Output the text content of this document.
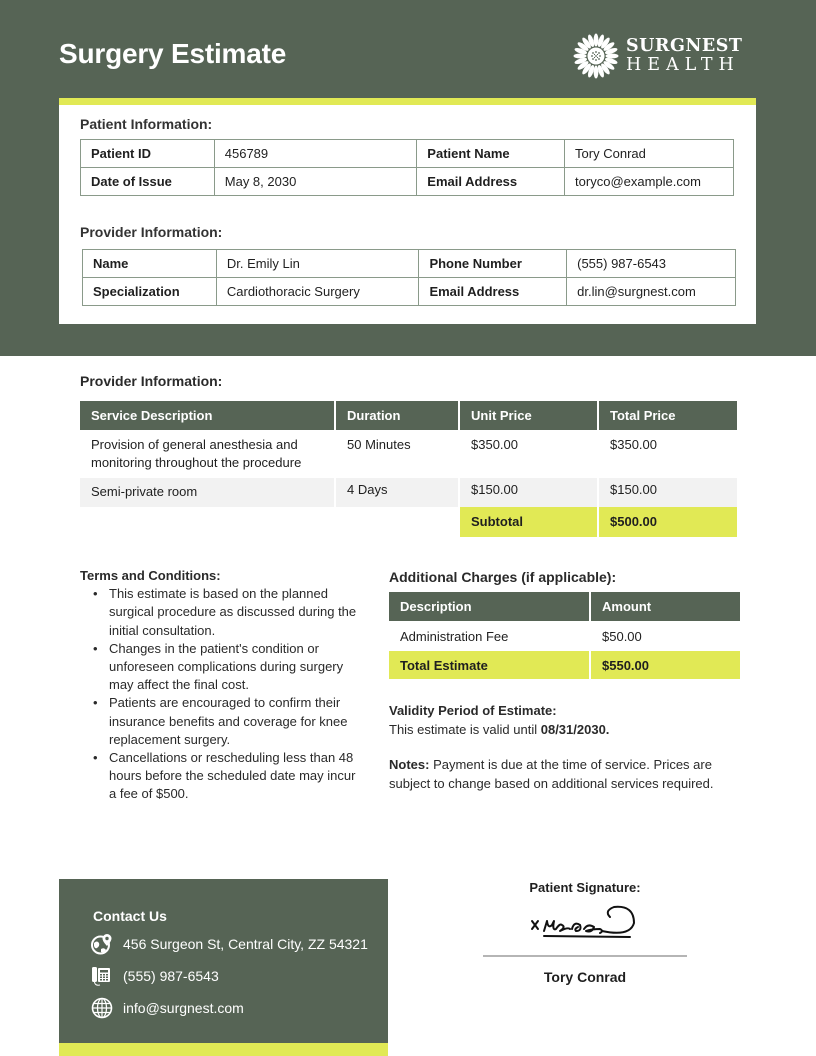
Surgery Estimate	SURGNEST
HEALTH
Patient Information:
Patient ID	456789	Patient Name	Tory Conrad
Date of Issue	May 8, 2030	Email Address	toryco@example.com
Provider Information:
Name	Dr. Emily Lin	Phone Number	(555) 987-6543
Specialization	Cardiothoracic Surgery	Email Address	dr.lin@surgnest.com
Provider Information:
Service Description	Duration	Unit Price	Total Price
Provision of general anesthesia and
monitoring throughout the procedure	50 Minutes	$350.00	$350.00
Semi-private room	4 Days	$150.00	$150.00
		Subtotal	$500.00
Terms and Conditions:
• This estimate is based on the planned surgical procedure as discussed during the initial consultation.
• Changes in the patient's condition or unforeseen complications during surgery may affect the final cost.
• Patients are encouraged to confirm their insurance benefits and coverage for knee replacement surgery.
• Cancellations or rescheduling less than 48 hours before the scheduled date may incur a fee of $500.
Additional Charges (if applicable):
Description	Amount
Administration Fee	$50.00
Total Estimate	$550.00
Validity Period of Estimate:
This estimate is valid until 08/31/2030.
Notes: Payment is due at the time of service. Prices are subject to change based on additional services required.
Contact Us
456 Surgeon St, Central City, ZZ 54321
(555) 987-6543
info@surgnest.com
Patient Signature:
Tory Conrad
